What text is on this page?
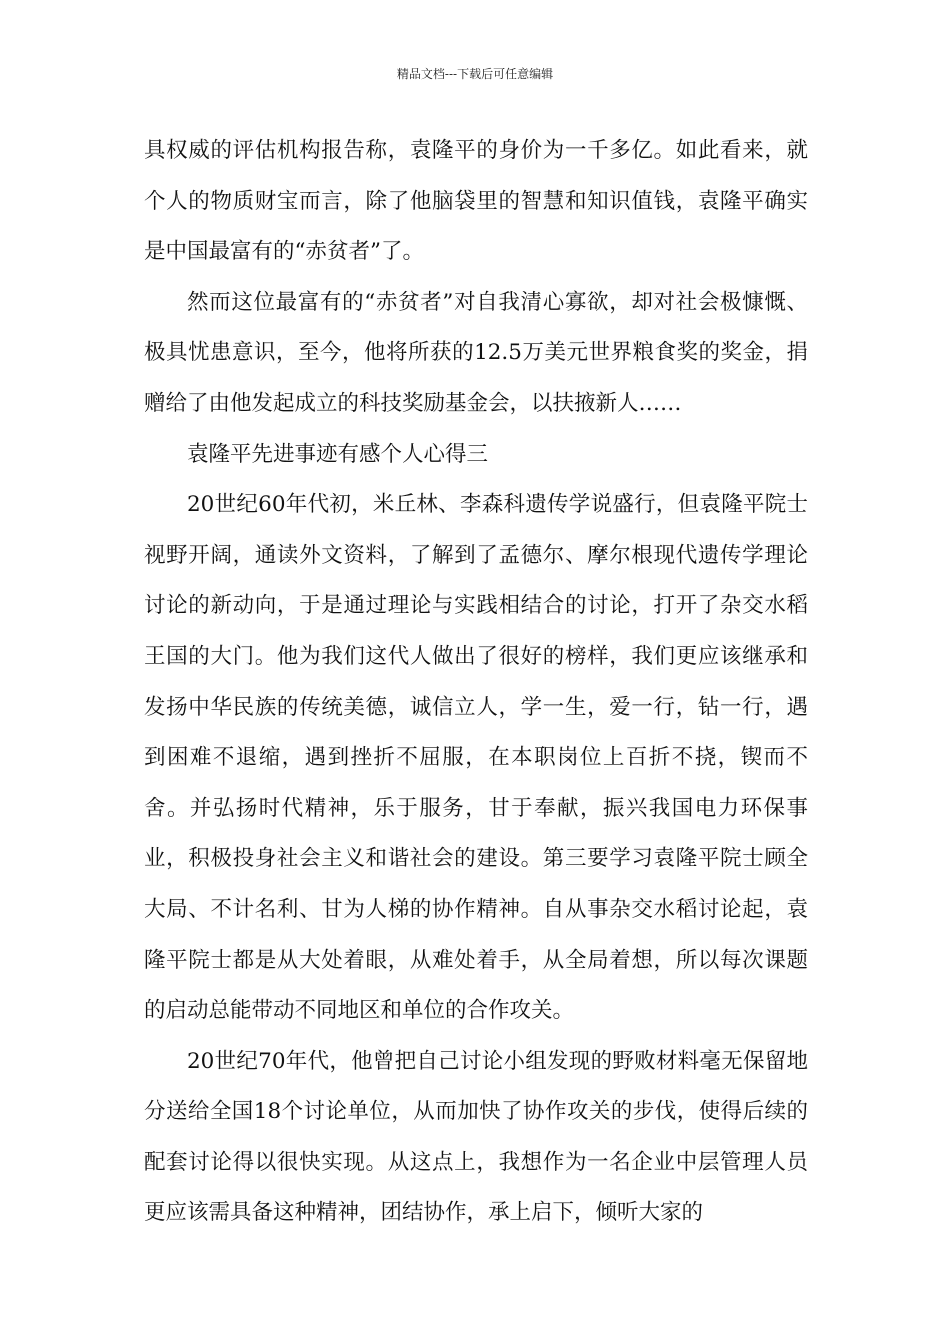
精品文档---下载后可任意编辑

具权威的评估机构报告称，袁隆平的身价为一千多亿。如此看来，就个人的物质财宝而言，除了他脑袋里的智慧和知识值钱，袁隆平确实是中国最富有的“赤贫者”了。

然而这位最富有的“赤贫者”对自我清心寡欲，却对社会极慷慨、极具忧患意识，至今，他将所获的12.5万美元世界粮食奖的奖金，捐赠给了由他发起成立的科技奖励基金会，以扶掖新人……

袁隆平先进事迹有感个人心得三

20世纪60年代初，米丘林、李森科遗传学说盛行，但袁隆平院士视野开阔，通读外文资料，了解到了孟德尔、摩尔根现代遗传学理论讨论的新动向，于是通过理论与实践相结合的讨论，打开了杂交水稻王国的大门。他为我们这代人做出了很好的榜样，我们更应该继承和发扬中华民族的传统美德，诚信立人，学一生，爱一行，钻一行，遇到困难不退缩，遇到挫折不屈服，在本职岗位上百折不挠，锲而不舍。并弘扬时代精神，乐于服务，甘于奉献，振兴我国电力环保事业，积极投身社会主义和谐社会的建设。第三要学习袁隆平院士顾全大局、不计名利、甘为人梯的协作精神。自从事杂交水稻讨论起，袁隆平院士都是从大处着眼，从难处着手，从全局着想，所以每次课题的启动总能带动不同地区和单位的合作攻关。

20世纪70年代，他曾把自己讨论小组发现的野败材料毫无保留地分送给全国18个讨论单位，从而加快了协作攻关的步伐，使得后续的配套讨论得以很快实现。从这点上，我想作为一名企业中层管理人员更应该需具备这种精神，团结协作，承上启下，倾听大家的
